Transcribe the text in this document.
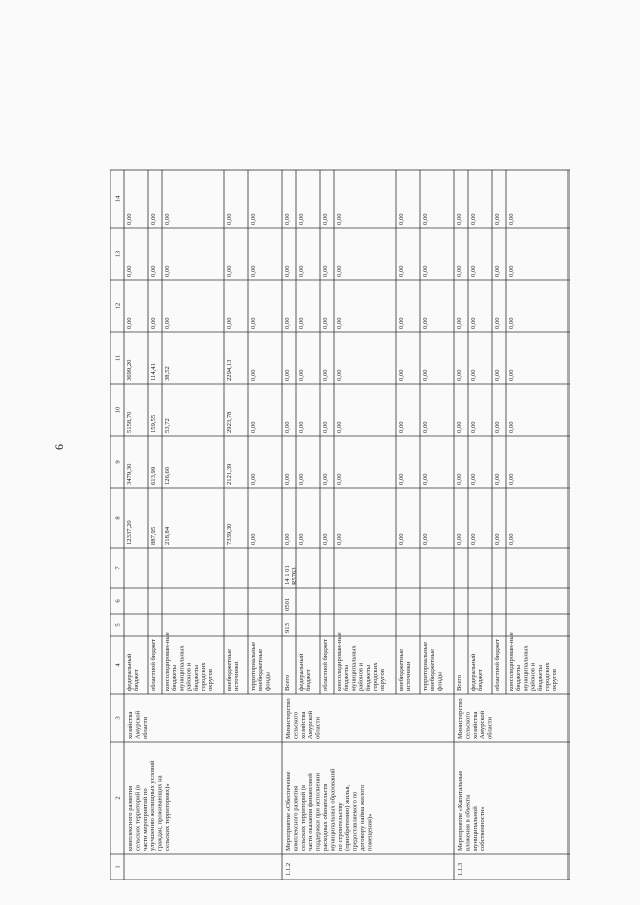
6
1
2
3
4
5
6
7
8
9
10
11
12
13
14
комплексного развития сельских территорий (в части мероприятий по улучшению жилищных условий граждан, проживающих на сельских территориях)»
хозяйства Амурской области
федеральный бюджет
12337,20
3479,30
5158,70
3699,20
0,00
0,00
0,00
областной бюджет
887,95
613,99
159,55
114,41
0,00
0,00
0,00
консолидирован-ные бюджеты муниципальных районов и бюджеты городских округов
218,84
126,60
53,72
38,52
0,00
0,00
0,00
внебюджетные источники
7339,30
2121,39
2923,78
2294,13
0,00
0,00
0,00
территориальные внебюджетные фонды
0,00
0,00
0,00
0,00
0,00
0,00
0,00
1.1.2
Мероприятие «Обеспечение комплексного развития сельских территорий (в части оказания финансовой поддержки при исполнении расходных обязательств муниципальных образований по строительству (приобретению) жилья, предоставляемого по договору найма жилого помещения)»
Министерство сельского хозяйства Амурской области
Всего
913
0501
14 1 01 R5763
0,00
0,00
0,00
0,00
0,00
0,00
0,00
федеральный бюджет
0,00
0,00
0,00
0,00
0,00
0,00
0,00
областной бюджет
0,00
0,00
0,00
0,00
0,00
0,00
0,00
консолидирован-ные бюджеты муниципальных районов и бюджеты городских округов
0,00
0,00
0,00
0,00
0,00
0,00
0,00
внебюджетные источники
0,00
0,00
0,00
0,00
0,00
0,00
0,00
территориальные внебюджетные фонды
0,00
0,00
0,00
0,00
0,00
0,00
0,00
1.1.3
Мероприятие «Капитальные вложения в объекты муниципальной собственности»
Министерство сельского хозяйства Амурской области
Всего
0,00
0,00
0,00
0,00
0,00
0,00
0,00
федеральный бюджет
0,00
0,00
0,00
0,00
0,00
0,00
0,00
областной бюджет
0,00
0,00
0,00
0,00
0,00
0,00
0,00
консолидирован-ные бюджеты муниципальных районов и бюджеты городских округов
0,00
0,00
0,00
0,00
0,00
0,00
0,00
